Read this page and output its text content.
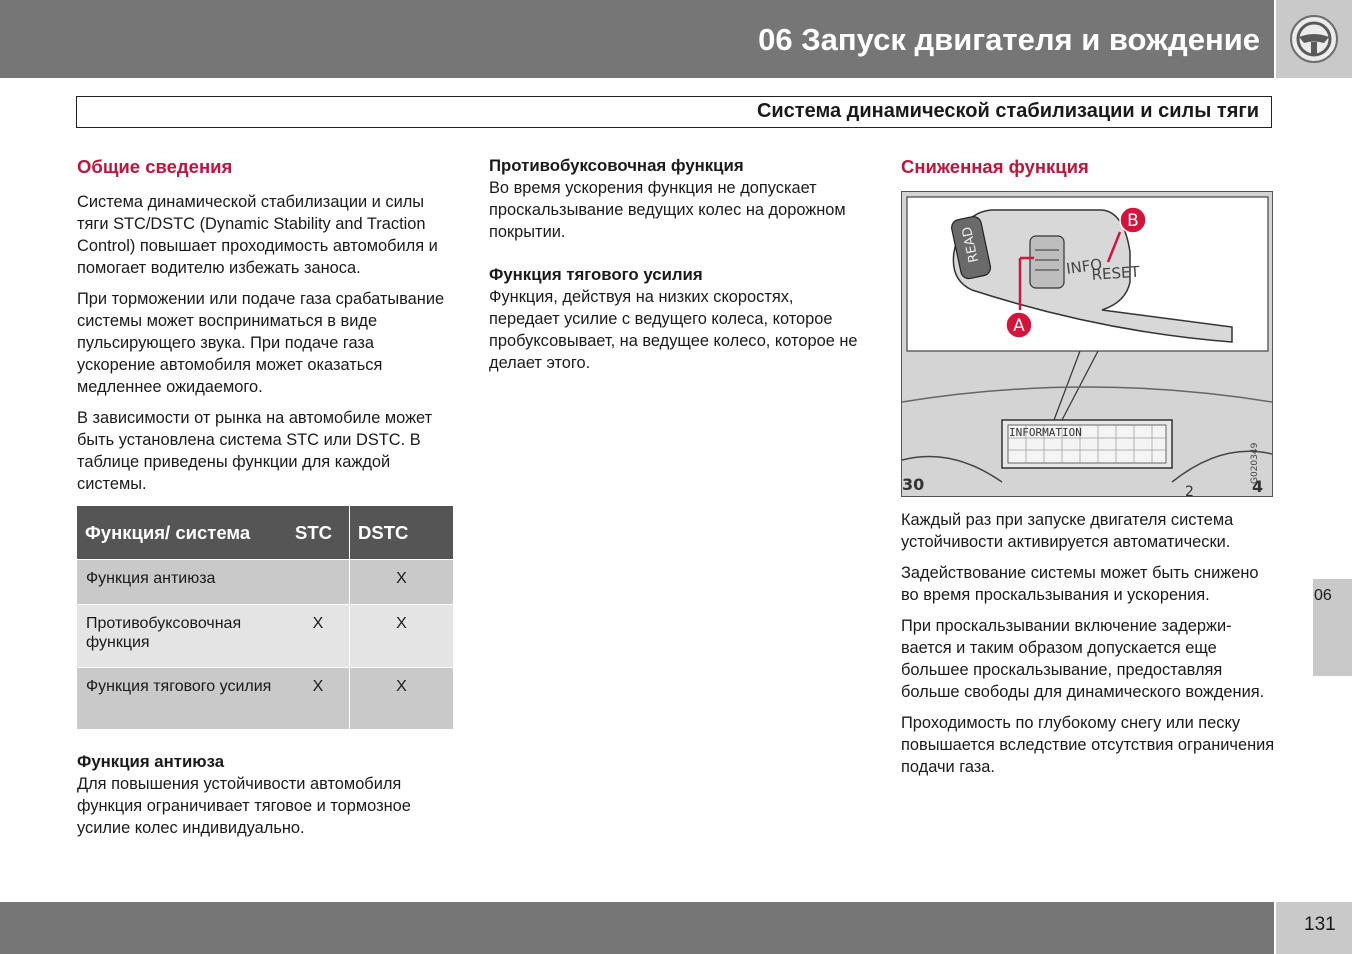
06 Запуск двигателя и вождение
Система динамической стабилизации и силы тяги
Общие сведения

Система динамической стабилизации и силы тяги STC/DSTC (Dynamic Stability and Traction Control) повышает проходимость автомобиля и помогает водителю избежать заноса.

При торможении или подаче газа срабатывание системы может восприниматься в виде пульсирующего звука. При подаче газа ускорение автомобиля может оказаться медленнее ожидаемого.

В зависимости от рынка на автомобиле может быть установлена система STC или DSTC. В таблице приведены функции для каждой системы.

Функция/ система	STC	DSTC
Функция антиюза		X
Противобуксовочная функция	X	X
Функция тягового усилия	X	X
Функция антиюза

Для повышения устойчивости автомобиля функция ограничивает тяговое и тормозное усилие колес индивидуально.

Противобуксовочная функция

Во время ускорения функция не допускает проскальзывание ведущих колес на дорожном покрытии.

Функция тягового усилия

Функция, действуя на низких скоростях, передает усилие с ведущего колеса, которое пробуксовывает, на ведущее колесо, которое не делает этого.

Сниженная функция
READ
INFO
RESET
B
A
INFORMATION
30	2	4
G020349

Каждый раз при запуске двигателя система устойчивости активируется автоматически.

Задействование системы может быть снижено во время проскальзывания и ускорения.

При проскальзывании включение задержи-вается и таким образом допускается еще большее проскальзывание, предоставляя больше свободы для динамического вождения.

Проходимость по глубокому снегу или песку повышается вследствие отсутствия ограничения подачи газа.

06
131
